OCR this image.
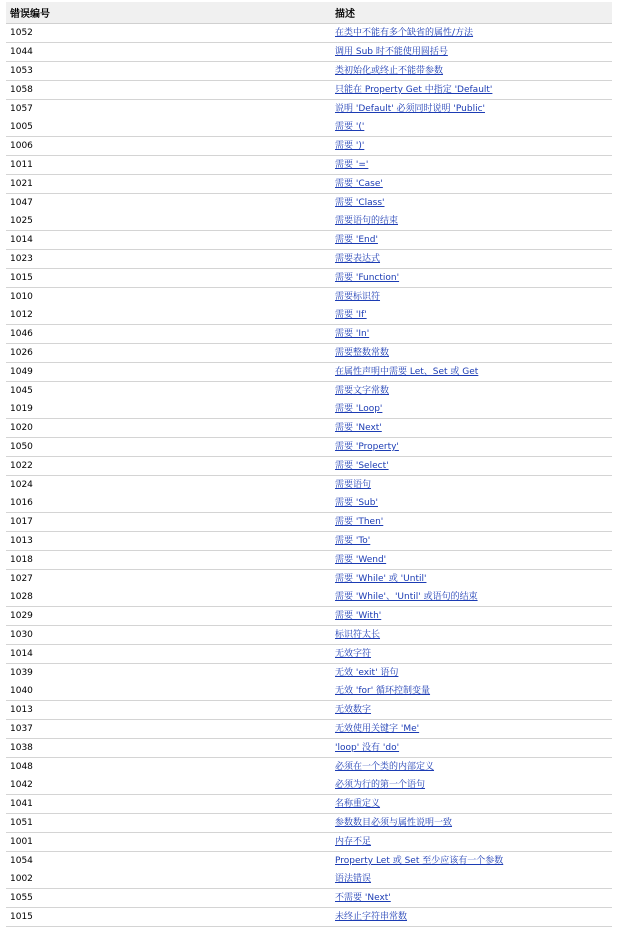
错误编号	描述
1052	在类中不能有多个缺省的属性/方法
1044	调用 Sub 时不能使用圆括号
1053	类初始化或终止不能带参数
1058	只能在 Property Get 中指定 'Default'
1057	说明 'Default' 必须同时说明 'Public'
1005	需要 '('
1006	需要 ')'
1011	需要 '='
1021	需要 'Case'
1047	需要 'Class'
1025	需要语句的结束
1014	需要 'End'
1023	需要表达式
1015	需要 'Function'
1010	需要标识符
1012	需要 'If'
1046	需要 'In'
1026	需要整数常数
1049	在属性声明中需要 Let、Set 或 Get
1045	需要文字常数
1019	需要 'Loop'
1020	需要 'Next'
1050	需要 'Property'
1022	需要 'Select'
1024	需要语句
1016	需要 'Sub'
1017	需要 'Then'
1013	需要 'To'
1018	需要 'Wend'
1027	需要 'While' 或 'Until'
1028	需要 'While'、'Until' 或语句的结束
1029	需要 'With'
1030	标识符太长
1014	无效字符
1039	无效 'exit' 语句
1040	无效 'for' 循环控制变量
1013	无效数字
1037	无效使用关键字 'Me'
1038	'loop' 没有 'do'
1048	必须在一个类的内部定义
1042	必须为行的第一个语句
1041	名称重定义
1051	参数数目必须与属性说明一致
1001	内存不足
1054	Property Let 或 Set 至少应该有一个参数
1002	语法错误
1055	不需要 'Next'
1015	未终止字符串常数
